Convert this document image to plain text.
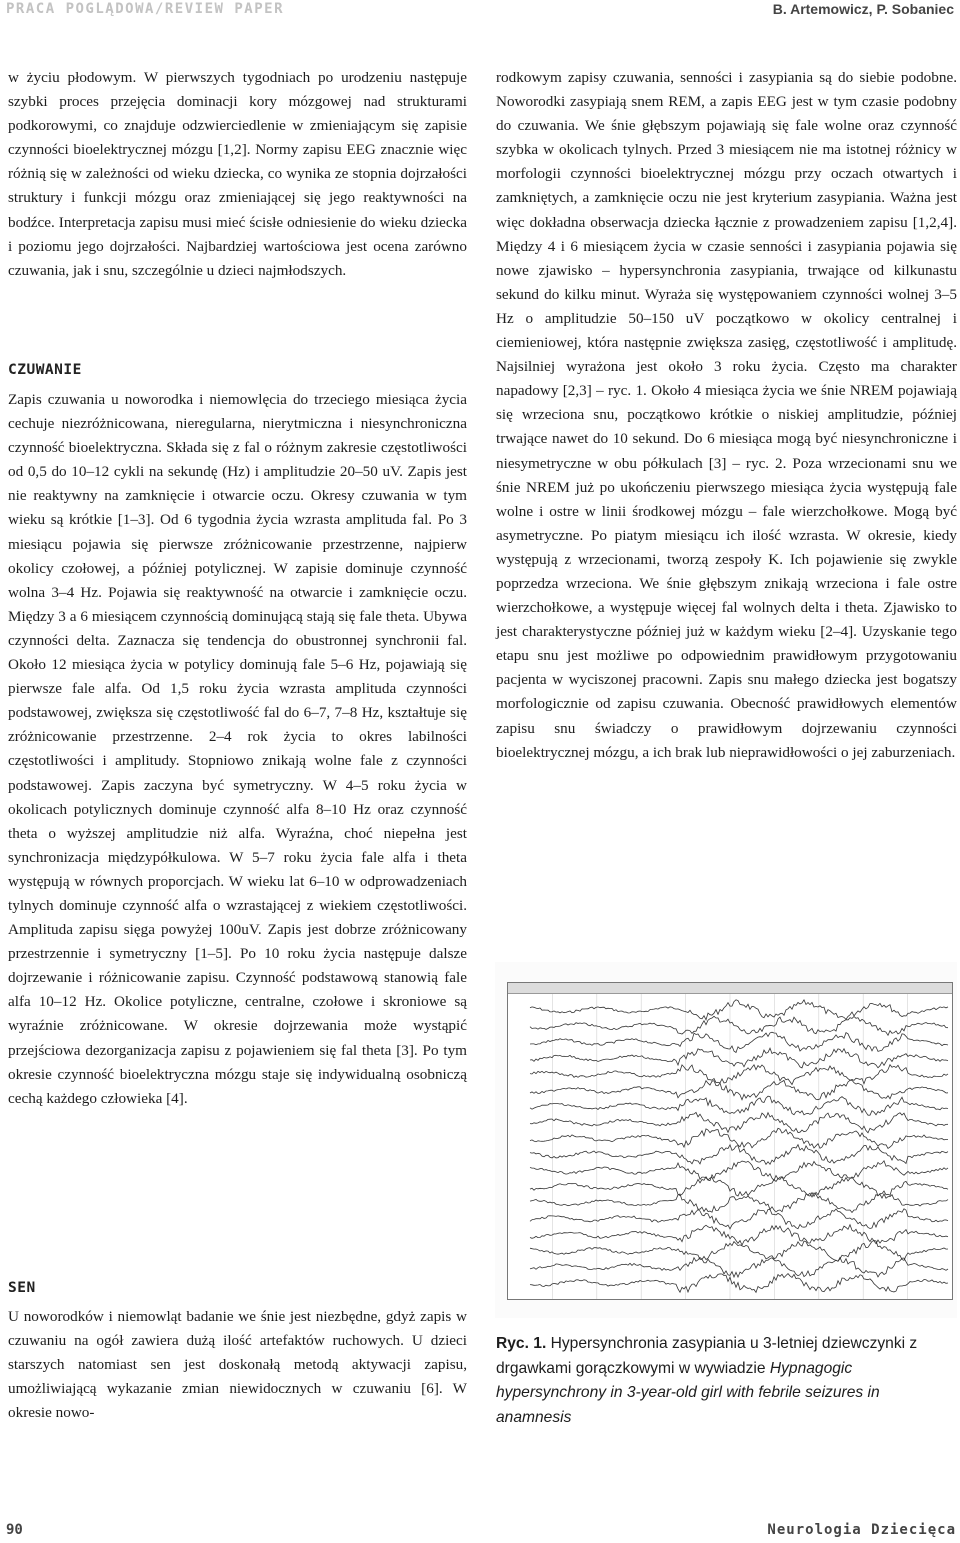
PRACA POGLĄDOWA/REVIEW PAPER	B. Artemowicz, P. Sobaniec

w życiu płodowym. W pierwszych tygodniach po urodzeniu następuje szybki proces przejęcia dominacji kory mózgowej nad strukturami podkorowymi, co znajduje odzwierciedlenie w zmieniającym się zapisie czynności bioelektrycznej mózgu [1,2]. Normy zapisu EEG znacznie więc różnią się w zależności od wieku dziecka, co wynika ze stopnia dojrzałości struktury i funkcji mózgu oraz zmieniającej się jego reaktywności na bodźce. Interpretacja zapisu musi mieć ścisłe odniesienie do wieku dziecka i poziomu jego dojrzałości. Najbardziej wartościowa jest ocena zarówno czuwania, jak i snu, szczególnie u dzieci najmłodszych.

CZUWANIE

Zapis czuwania u noworodka i niemowlęcia do trzeciego miesiąca życia cechuje niezróżnicowana, nieregularna, nierytmiczna i niesynchroniczna czynność bioelektryczna. Składa się z fal o różnym zakresie częstotliwości od 0,5 do 10–12 cykli na sekundę (Hz) i amplitudzie 20–50 uV. Zapis jest nie reaktywny na zamknięcie i otwarcie oczu. Okresy czuwania w tym wieku są krótkie [1–3]. Od 6 tygodnia życia wzrasta amplituda fal. Po 3 miesiącu pojawia się pierwsze zróżnicowanie przestrzenne, najpierw okolicy czołowej, a później potylicznej. W zapisie dominuje czynność wolna 3–4 Hz. Pojawia się reaktywność na otwarcie i zamknięcie oczu. Między 3 a 6 miesiącem czynnością dominującą stają się fale theta. Ubywa czynności delta. Zaznacza się tendencja do obustronnej synchronii fal. Około 12 miesiąca życia w potylicy dominują fale 5–6 Hz, pojawiają się pierwsze fale alfa. Od 1,5 roku życia wzrasta amplituda czynności podstawowej, zwiększa się częstotliwość fal do 6–7, 7–8 Hz, kształtuje się zróżnicowanie przestrzenne. 2–4 rok życia to okres labilności częstotliwości i amplitudy. Stopniowo znikają wolne fale z czynności podstawowej. Zapis zaczyna być symetryczny. W 4–5 roku życia w okolicach potylicznych dominuje czynność alfa 8–10 Hz oraz czynność theta o wyższej amplitudzie niż alfa. Wyraźna, choć niepełna jest synchronizacja międzypółkulowa. W 5–7 roku życia fale alfa i theta występują w równych proporcjach. W wieku lat 6–10 w odprowadzeniach tylnych dominuje czynność alfa o wzrastającej z wiekiem częstotliwości. Amplituda zapisu sięga powyżej 100uV. Zapis jest dobrze zróżnicowany przestrzennie i symetryczny [1–5]. Po 10 roku życia następuje dalsze dojrzewanie i różnicowanie zapisu. Czynność podstawową stanowią fale alfa 10–12 Hz. Okolice potyliczne, centralne, czołowe i skroniowe są wyraźnie zróżnicowane. W okresie dojrzewania może wystąpić przejściowa dezorganizacja zapisu z pojawieniem się fal theta [3]. Po tym okresie czynność bioelektryczna mózgu staje się indywidualną osobniczą cechą każdego człowieka [4].

SEN

U noworodków i niemowląt badanie we śnie jest niezbędne, gdyż zapis w czuwaniu na ogół zawiera dużą ilość artefaktów ruchowych. U dzieci starszych natomiast sen jest doskonałą metodą aktywacji zapisu, umożliwiającą wykazanie zmian niewidocznych w czuwaniu [6]. W okresie nowo-

rodkowym zapisy czuwania, senności i zasypiania są do siebie podobne. Noworodki zasypiają snem REM, a zapis EEG jest w tym czasie podobny do czuwania. We śnie głębszym pojawiają się fale wolne oraz czynność szybka w okolicach tylnych. Przed 3 miesiącem nie ma istotnej różnicy w morfologii czynności bioelektrycznej mózgu przy oczach otwartych i zamkniętych, a zamknięcie oczu nie jest kryterium zasypiania. Ważna jest więc dokładna obserwacja dziecka łącznie z prowadzeniem zapisu [1,2,4]. Między 4 i 6 miesiącem życia w czasie senności i zasypiania pojawia się nowe zjawisko – hypersynchronia zasypiania, trwające od kilkunastu sekund do kilku minut. Wyraża się występowaniem czynności wolnej 3–5 Hz o amplitudzie 50–150 uV początkowo w okolicy centralnej i ciemieniowej, która następnie zwiększa zasięg, częstotliwość i amplitudę. Najsilniej wyrażona jest około 3 roku życia. Często ma charakter napadowy [2,3] – ryc. 1. Około 4 miesiąca życia we śnie NREM pojawiają się wrzeciona snu, początkowo krótkie o niskiej amplitudzie, później trwające nawet do 10 sekund. Do 6 miesiąca mogą być niesynchroniczne i niesymetryczne w obu półkulach [3] – ryc. 2. Poza wrzecionami snu we śnie NREM już po ukończeniu pierwszego miesiąca życia występują fale wolne i ostre w linii środkowej mózgu – fale wierzchołkowe. Mogą być asymetryczne. Po piatym miesiącu ich ilość wzrasta. W okresie, kiedy występują z wrzecionami, tworzą zespoły K. Ich pojawienie się zwykle poprzedza wrzeciona. We śnie głębszym znikają wrzeciona i fale ostre wierzchołkowe, a występuje więcej fal wolnych delta i theta. Zjawisko to jest charakterystyczne później już w każdym wieku [2–4]. Uzyskanie tego etapu snu jest możliwe po odpowiednim prawidłowym przygotowaniu pacjenta w wyciszonej pracowni. Zapis snu małego dziecka jest bogatszy morfologicznie od zapisu czuwania. Obecność prawidłowych elementów zapisu snu świadczy o prawidłowym dojrzewaniu czynności bioelektrycznej mózgu, a ich brak lub nieprawidłowości o jej zaburzeniach.

Ryc. 1. Hypersynchronia zasypiania u 3-letniej dziewczynki z drgawkami gorączkowymi w wywiadzie Hypnagogic hypersynchrony in 3-year-old girl with febrile seizures in anamnesis
90	Neurologia Dziecięca
